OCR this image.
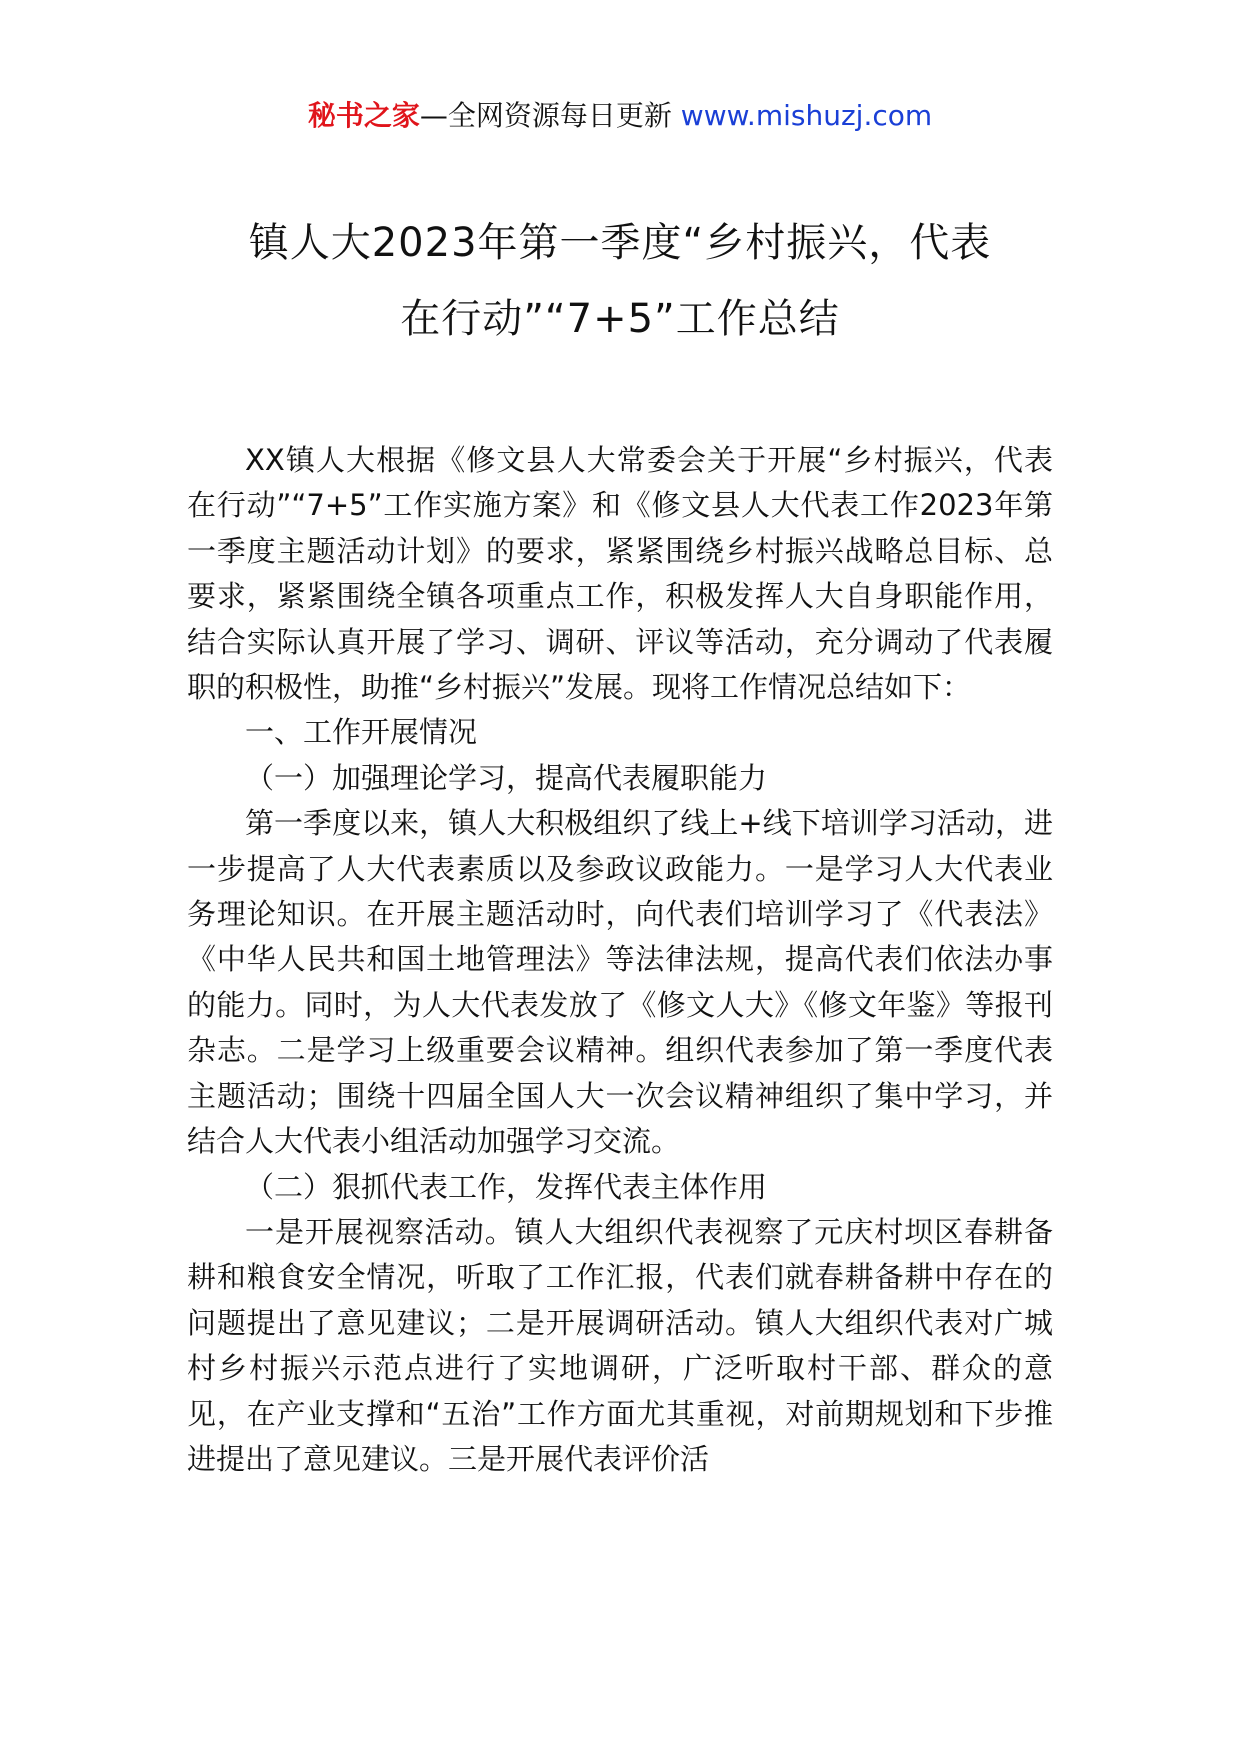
秘书之家—全网资源每日更新 www.mishuzj.com
镇人大2023年第一季度“乡村振兴，代表
在行动”“7+5”工作总结

XX镇人大根据《修文县人大常委会关于开展“乡村振兴，代表在行动”“7+5”工作实施方案》和《修文县人大代表工作2023年第一季度主题活动计划》的要求，紧紧围绕乡村振兴战略总目标、总要求，紧紧围绕全镇各项重点工作，积极发挥人大自身职能作用，结合实际认真开展了学习、调研、评议等活动，充分调动了代表履职的积极性，助推“乡村振兴”发展。现将工作情况总结如下：

一、工作开展情况

（一）加强理论学习，提高代表履职能力

第一季度以来，镇人大积极组织了线上+线下培训学习活动，进一步提高了人大代表素质以及参政议政能力。一是学习人大代表业务理论知识。在开展主题活动时，向代表们培训学习了《代表法》《中华人民共和国土地管理法》等法律法规，提高代表们依法办事的能力。同时，为人大代表发放了《修文人大》《修文年鉴》等报刊杂志。二是学习上级重要会议精神。组织代表参加了第一季度代表主题活动；围绕十四届全国人大一次会议精神组织了集中学习，并结合人大代表小组活动加强学习交流。

（二）狠抓代表工作，发挥代表主体作用

一是开展视察活动。镇人大组织代表视察了元庆村坝区春耕备耕和粮食安全情况，听取了工作汇报，代表们就春耕备耕中存在的问题提出了意见建议；二是开展调研活动。镇人大组织代表对广城村乡村振兴示范点进行了实地调研，广泛听取村干部、群众的意见，在产业支撑和“五治”工作方面尤其重视，对前期规划和下步推进提出了意见建议。三是开展代表评价活
